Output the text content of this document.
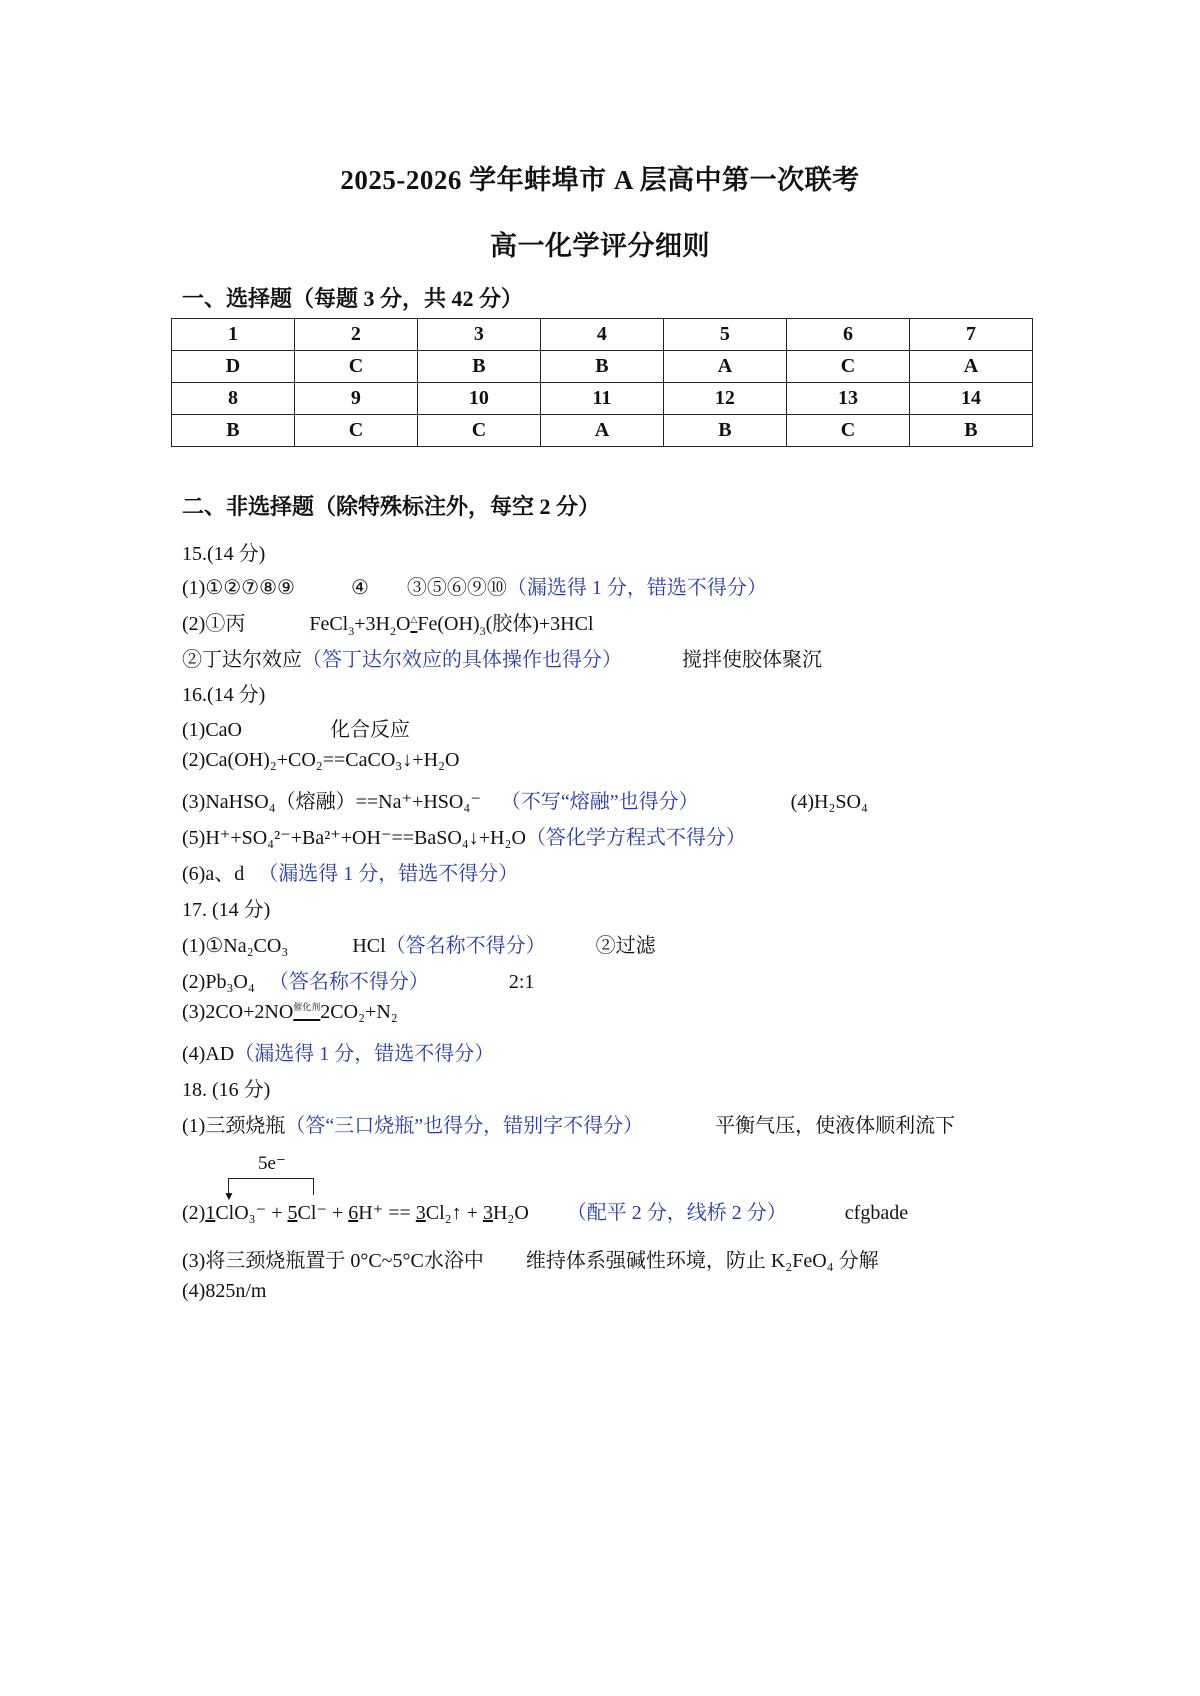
2025-2026 学年蚌埠市 A 层高中第一次联考
高一化学评分细则
一、选择题（每题 3 分，共 42 分）
1	2	3	4	5	6	7
D	C	B	B	A	C	A
8	9	10	11	12	13	14
B	C	C	A	B	C	B
二、非选择题（除特殊标注外，每空 2 分）
15.(14 分)
(1)①②⑦⑧⑨	④ ③⑤⑥⑨⑩（漏选得 1 分，错选不得分）
(2)①丙	$FeCl_3+3H_2O^\triangle Fe(OH)_3$(胶体)+3HCl
②丁达尔效应（答丁达尔效应的具体操作也得分）	搅拌使胶体聚沉
16.(14 分)
(1)CaO	化合反应
(2)Ca(OH)₂+CO₂==CaCO₃↓+H₂O
(3)NaHSO₄（熔融）==Na⁺+HSO₄⁻ （不写“熔融”也得分）	(4)H₂SO₄
(5)H⁺+SO₄²⁻+Ba²⁺+OH⁻==BaSO₄↓+H₂O（答化学方程式不得分）
(6)a、d （漏选得 1 分，错选不得分）
17. (14 分)
(1)①Na₂CO₃	HCl（答名称不得分）	②过滤
(2)Pb₃O₄ （答名称不得分）	2:1
$(3)2CO+2NO^{催化剂}2CO_2+N_2$
(4)AD（漏选得 1 分，错选不得分）
18. (16 分)
(1)三颈烧瓶（答“三口烧瓶”也得分，错别字不得分）	平衡气压，使液体顺利流下
5e⁻
▼
(2)1ClO₃⁻ + 5Cl⁻ + 6H⁺ == 3Cl₂↑ + 3H₂O （配平 2 分，线桥 2 分）	cfgbade
(3)将三颈烧瓶置于 0°C~5°C水浴中 维持体系强碱性环境，防止 K₂FeO₄ 分解
(4)825n/m
